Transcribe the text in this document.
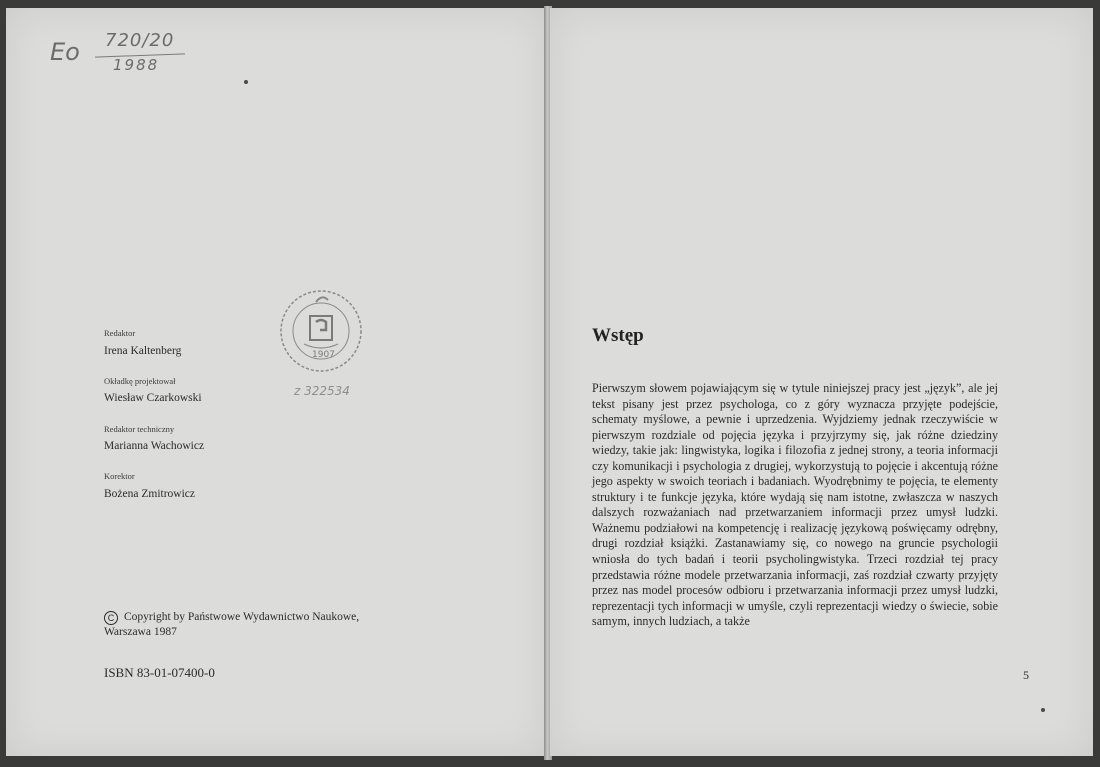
Eo 720/20
1988
Redaktor
Irena Kaltenberg
Okładkę projektował
Wiesław Czarkowski
Redaktor techniczny
Marianna Wachowicz
Korektor
Bożena Zmitrowicz
C Copyright by Państwowe Wydawnictwo Naukowe,
Warszawa 1987
ISBN 83-01-07400-0
1907
z 322534
Wstęp
Pierwszym słowem pojawiającym się w tytule niniejszej pracy jest „język”, ale jej tekst pisany jest przez psychologa, co z góry wyznacza przyjęte podejście, schematy myślowe, a pewnie i uprzedzenia. Wyjdziemy jednak rzeczywiście w pierwszym rozdziale od pojęcia języka i przyjrzymy się, jak różne dziedziny wiedzy, takie jak: lingwistyka, logika i filozofia z jednej strony, a teoria informacji czy komunikacji i psychologia z drugiej, wykorzystują to pojęcie i akcentują różne jego aspekty w swoich teoriach i badaniach. Wyodrębnimy te pojęcia, te elementy struktury i te funkcje języka, które wydają się nam istotne, zwłaszcza w naszych dalszych rozważaniach nad przetwarzaniem informacji przez umysł ludzki. Ważnemu podziałowi na kompetencję i realizację językową poświęcamy odrębny, drugi rozdział książki. Zastanawiamy się, co nowego na gruncie psychologii wniosła do tych badań i teorii psycholingwistyka. Trzeci rozdział tej pracy przedstawia różne modele przetwarzania informacji, zaś rozdział czwarty przyjęty przez nas model procesów odbioru i przetwarzania informacji przez umysł ludzki, reprezentacji tych informacji w umyśle, czyli reprezentacji wiedzy o świecie, sobie samym, innych ludziach, a także
5
